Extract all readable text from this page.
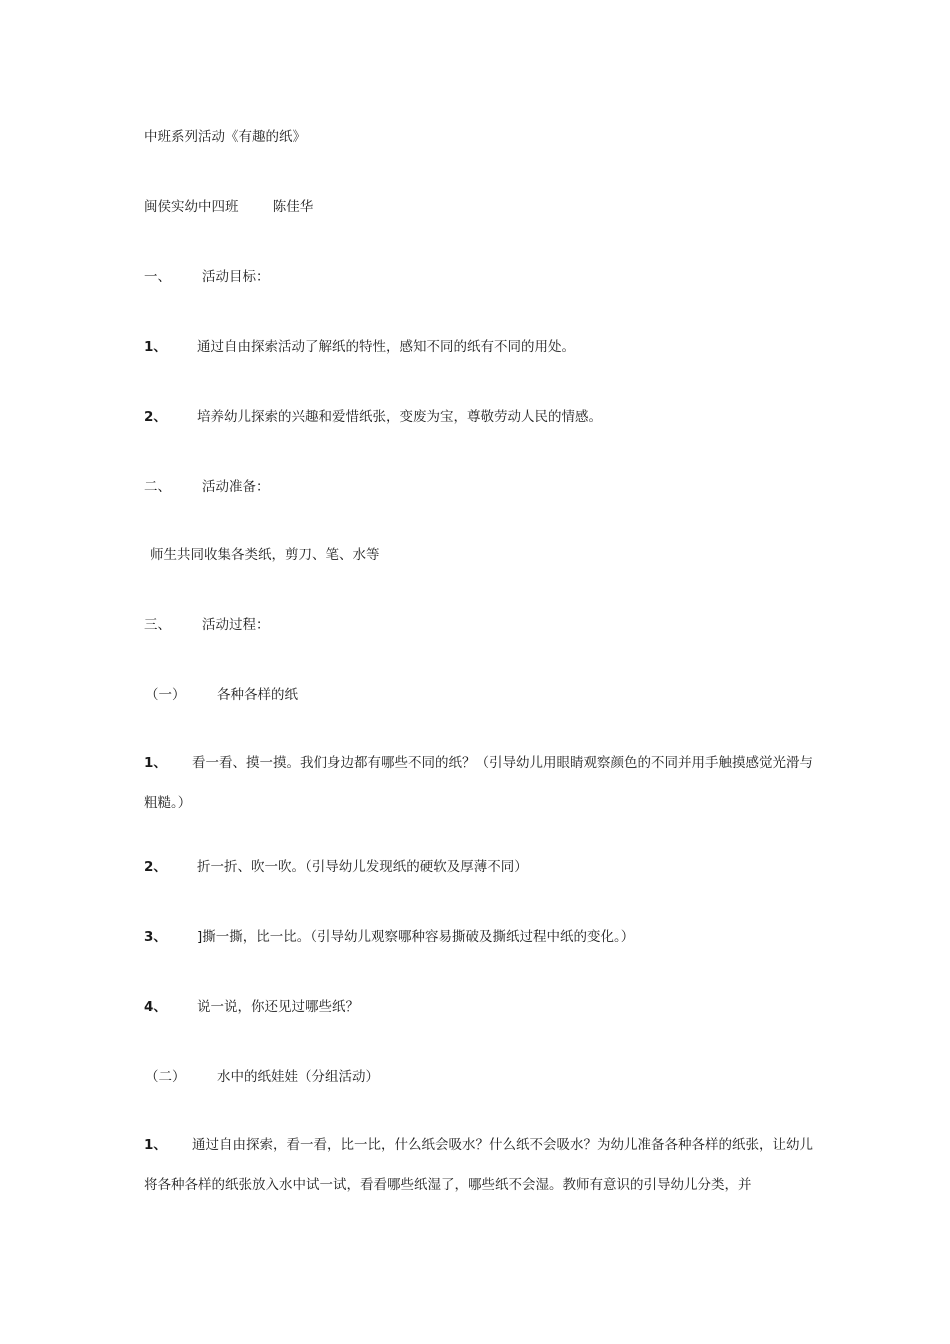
中班系列活动《有趣的纸》
闽侯实幼中四班	陈佳华
一、 活动目标：
1、 通过自由探索活动了解纸的特性，感知不同的纸有不同的用处。
2、 培养幼儿探索的兴趣和爱惜纸张，变废为宝，尊敬劳动人民的情感。
二、 活动准备：
师生共同收集各类纸，剪刀、笔、水等
三、 活动过程：
（一） 各种各样的纸
1、 看一看、摸一摸。我们身边都有哪些不同的纸？（引导幼儿用眼睛观察颜色的不同并用手触摸感觉光滑与粗糙。）
2、 折一折、吹一吹。（引导幼儿发现纸的硬软及厚薄不同）
3、 ]撕一撕，比一比。（引导幼儿观察哪种容易撕破及撕纸过程中纸的变化。）
4、 说一说，你还见过哪些纸？
（二） 水中的纸娃娃（分组活动）
1、 通过自由探索，看一看，比一比，什么纸会吸水？什么纸不会吸水？为幼儿准备各种各样的纸张，让幼儿将各种各样的纸张放入水中试一试，看看哪些纸湿了，哪些纸不会湿。教师有意识的引导幼儿分类，并
